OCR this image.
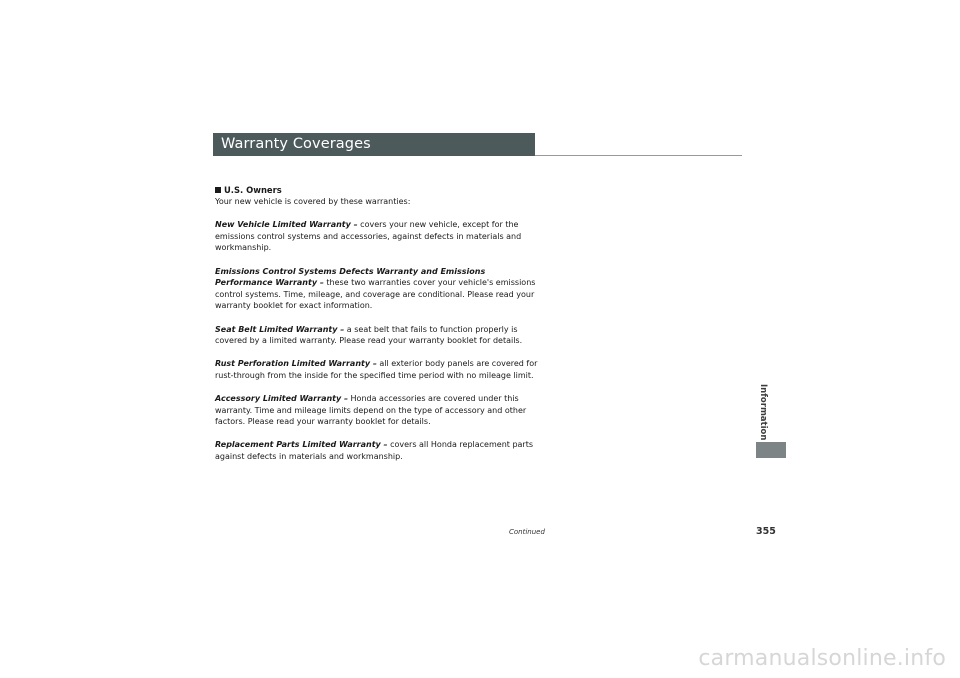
Warranty Coverages
U.S. Owners

Your new vehicle is covered by these warranties:

New Vehicle Limited Warranty – covers your new vehicle, except for the emissions control systems and accessories, against defects in materials and workmanship.

Emissions Control Systems Defects Warranty and Emissions Performance Warranty – these two warranties cover your vehicle's emissions control systems. Time, mileage, and coverage are conditional. Please read your warranty booklet for exact information.

Seat Belt Limited Warranty – a seat belt that fails to function properly is covered by a limited warranty. Please read your warranty booklet for details.

Rust Perforation Limited Warranty – all exterior body panels are covered for rust-through from the inside for the specified time period with no mileage limit.

Accessory Limited Warranty – Honda accessories are covered under this warranty. Time and mileage limits depend on the type of accessory and other factors. Please read your warranty booklet for details.

Replacement Parts Limited Warranty – covers all Honda replacement parts against defects in materials and workmanship.

Information
Continued	355
carmanualsonline.info
